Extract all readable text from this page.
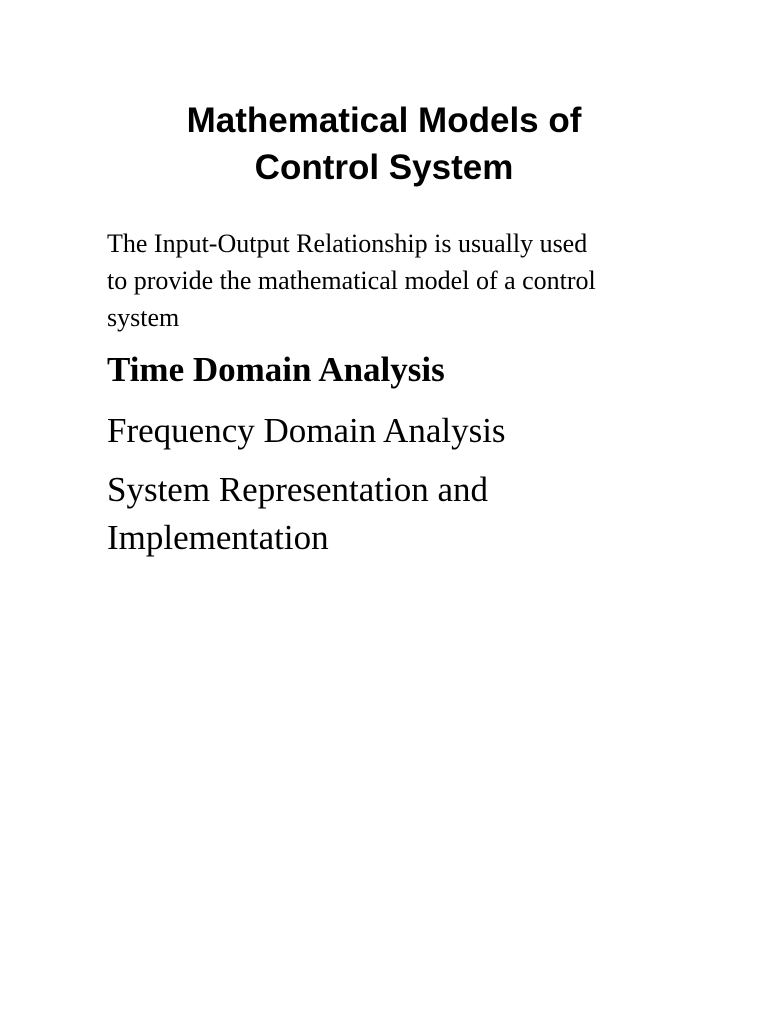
Mathematical Models of
Control System

The Input-Output Relationship is usually used
to provide the mathematical model of a control
system

Time Domain Analysis
Frequency Domain Analysis
System Representation and
Implementation
